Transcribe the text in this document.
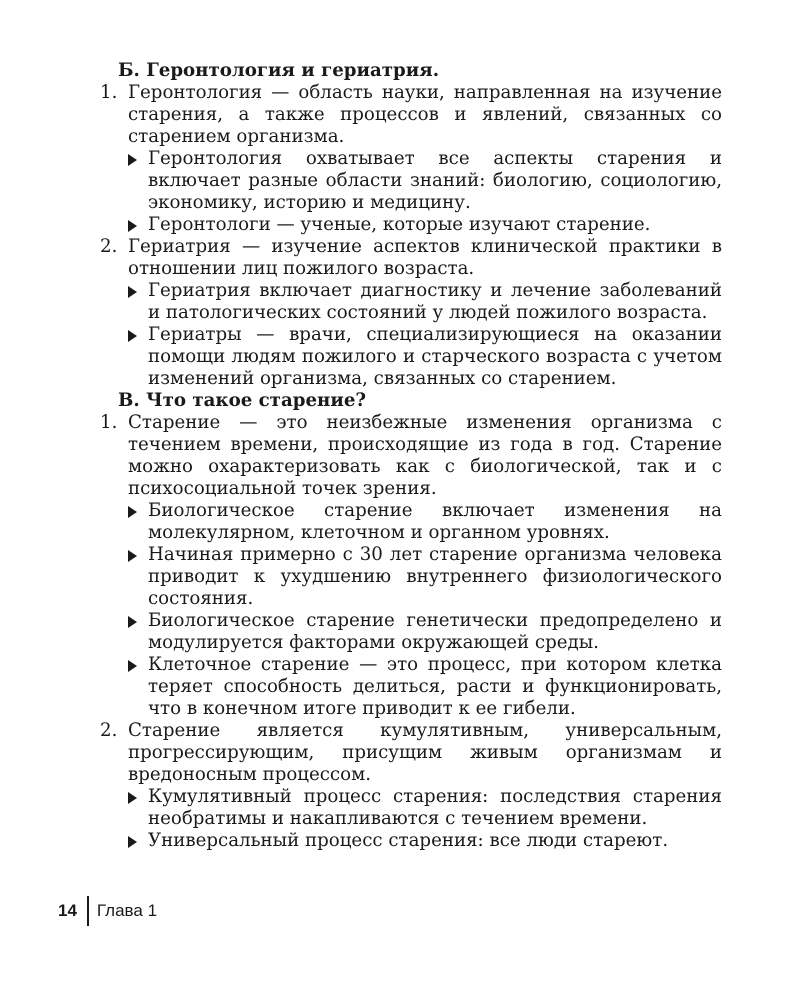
Б. Геронтология и гериатрия.
1. Геронтология — область науки, направленная на изучение старения, а также процессов и явлений, связанных со старением организма.
Геронтология охватывает все аспекты старения и включает разные области знаний: биологию, социологию, экономику, историю и медицину.
Геронтологи — ученые, которые изучают старение.
2. Гериатрия — изучение аспектов клинической практики в отношении лиц пожилого возраста.
Гериатрия включает диагностику и лечение заболеваний и патологических состояний у людей пожилого возраста.
Гериатры — врачи, специализирующиеся на оказании помощи людям пожилого и старческого возраста с учетом изменений организма, связанных со старением.
В. Что такое старение?
1. Старение — это неизбежные изменения организма с течением времени, происходящие из года в год. Старение можно охарактеризовать как с биологической, так и с психосоциальной точек зрения.
Биологическое старение включает изменения на молекулярном, клеточном и органном уровнях.
Начиная примерно с 30 лет старение организма человека приводит к ухудшению внутреннего физиологического состояния.
Биологическое старение генетически предопределено и модулируется факторами окружающей среды.
Клеточное старение — это процесс, при котором клетка теряет способность делиться, расти и функционировать, что в конечном итоге приводит к ее гибели.
2. Старение является кумулятивным, универсальным, прогрессирующим, присущим живым организмам и вредоносным процессом.
Кумулятивный процесс старения: последствия старения необратимы и накапливаются с течением времени.
Универсальный процесс старения: все люди стареют.
14 Глава 1
